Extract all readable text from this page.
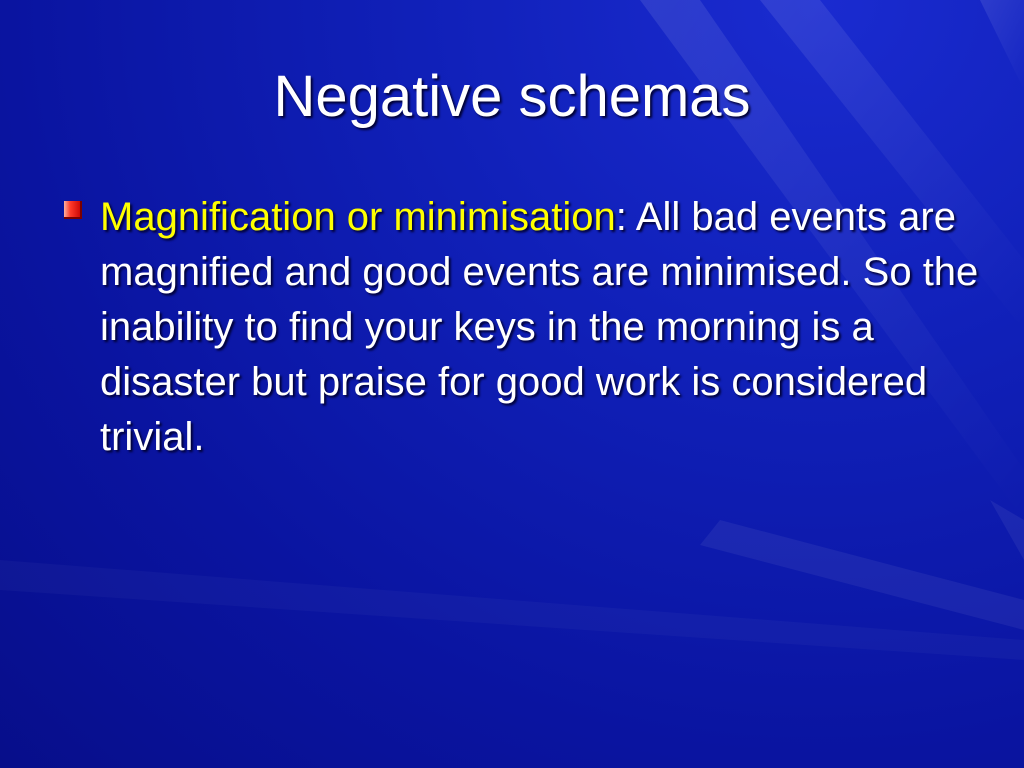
Negative schemas
Magnification or minimisation: All bad events are magnified and good events are minimised. So the inability to find your keys in the morning is a disaster but praise for good work is considered trivial.
